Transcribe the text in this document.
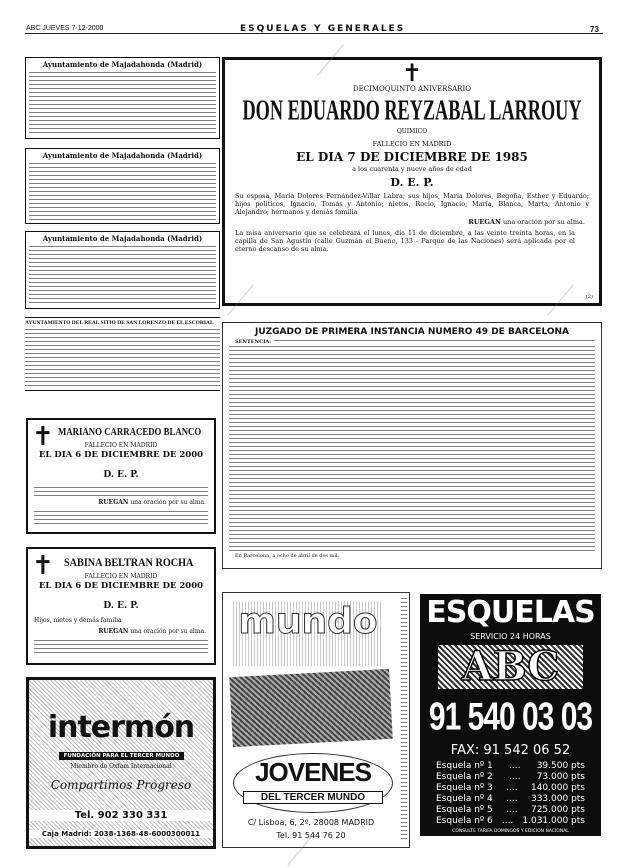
ABC JUEVES 7-12-2000	ESQUELAS Y GENERALES	73
Ayuntamiento de Majadahonda (Madrid)
Ayuntamiento de Majadahonda (Madrid)
Ayuntamiento de Majadahonda (Madrid)
AYUNTAMIENTO DEL REAL SITIO DE SAN LORENZO DE EL ESCORIAL
✝ MARIANO CARRACEDO BLANCO
FALLECIO EN MADRID
EL DIA 6 DE DICIEMBRE DE 2000
D. E. P.
RUEGAN una oración por su alma.
✝ SABINA BELTRAN ROCHA
FALLECIO EN MADRID
EL DIA 6 DE DICIEMBRE DE 2000
D. E. P.
Hijos, nietos y demás familia
RUEGAN una oración por su alma.
intermón
FUNDACIÓN PARA EL TERCER MUNDO
Miembro de Oxfam Internacional
Compartimos Progreso
Tel. 902 330 331
Caja Madrid: 2038-1368-48-6000300011
✝
DECIMOQUINTO ANIVERSARIO
DON EDUARDO REYZABAL LARROUY
QUIMICO
FALLECIO EN MADRID
EL DIA 7 DE DICIEMBRE DE 1985
a los cuarenta y nueve años de edad
D. E. P.
Su esposa, María Dolores Fernández-Villar Labra; sus hijos, María Dolores, Begoña, Esther y Eduardo; hijos políticos, Ignacio, Tomás y Antonio; nietos, Rocío, Ignacio, María, Blanca, Marta, Antonio y Alejandro; hermanos y demás familia
RUEGAN una oración por su alma.
La misa aniversario que se celebrará el lunes, día 11 de diciembre, a las veinte treinta horas, en la capilla de San Agustín (calle Guzmán el Bueno, 133 - Parque de las Naciones) será aplicada por el eterno descanso de su alma.
(2)
JUZGADO DE PRIMERA INSTANCIA NUMERO 49 DE BARCELONA
SENTENCIA:
En Barcelona, a ocho de abril de dos mil.
mundo
JOVENES
DEL TERCER MUNDO
C/ Lisboa, 6, 2º. 28008 MADRID
Tel. 91 544 76 20
ESQUELAS
SERVICIO 24 HORAS
ABC
91 540 03 03
FAX: 91 542 06 52
Esquela nº 1 .... 39.500 pts
Esquela nº 2 .... 73.000 pts
Esquela nº 3 .... 140.000 pts
Esquela nº 4 .... 333.000 pts
Esquela nº 5 .... 725.000 pts
Esquela nº 6 .... 1.031.000 pts
CONSULTE TARIFA DOMINGOS Y EDICION NACIONAL
